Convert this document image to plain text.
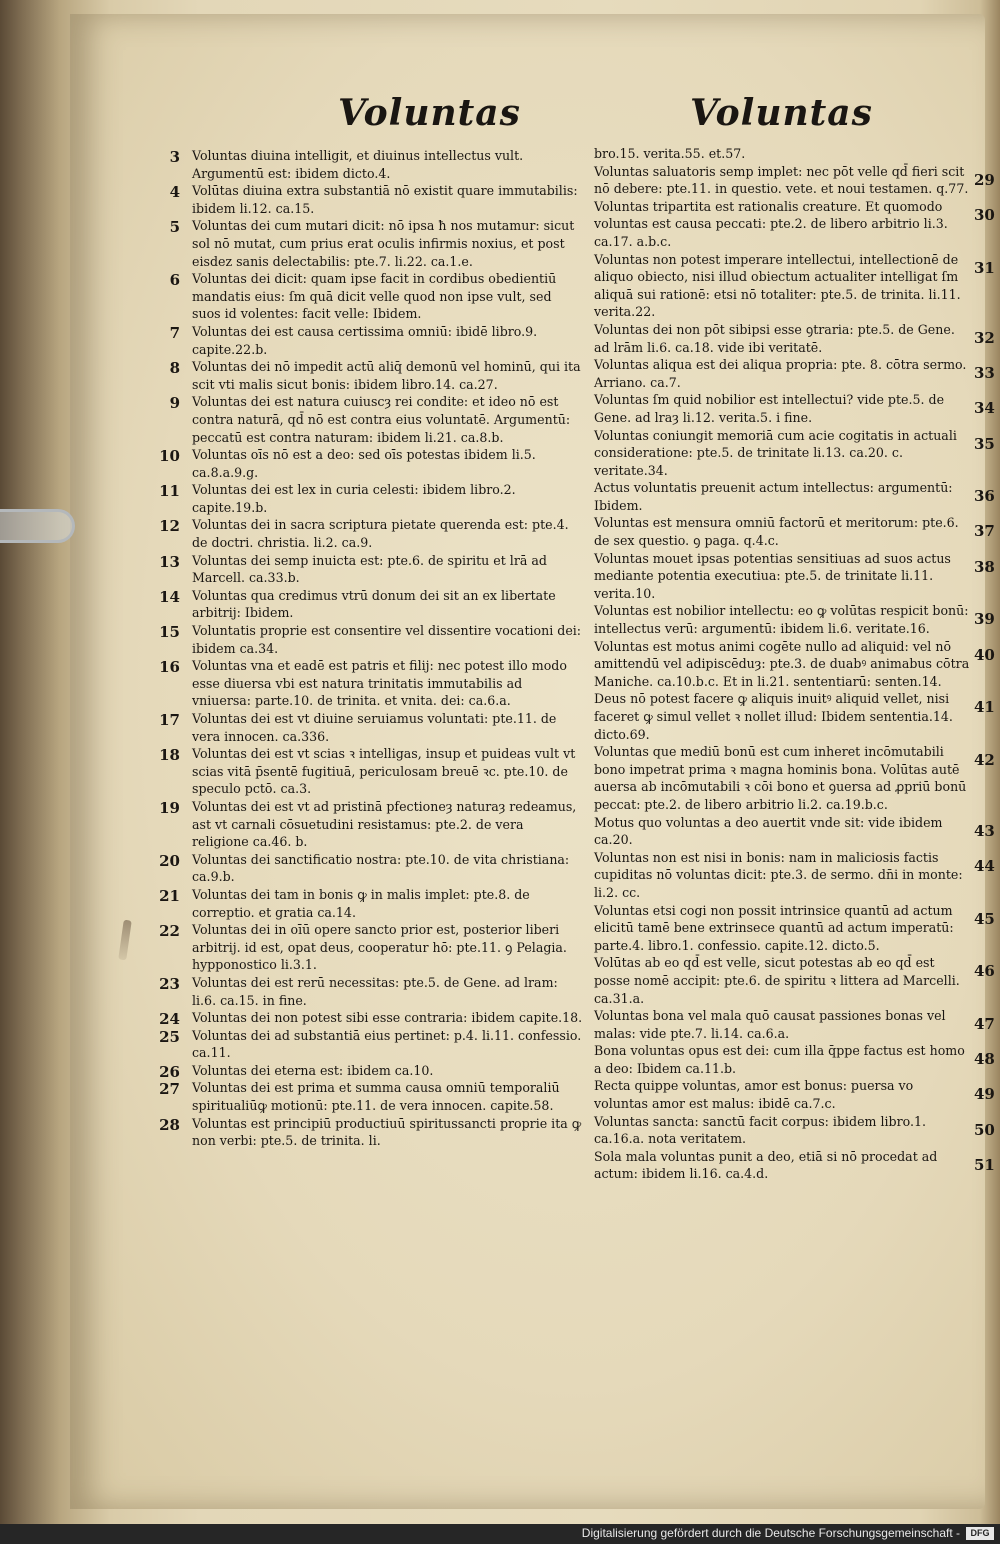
Voluntas	Voluntas
3 Voluntas diuina intelligit, et diuinus intellectus vult. Argumentū est: ibidem dicto.4.
4 Volūtas diuina extra substantiā nō existit quare immutabilis: ibidem li.12. ca.15.
5 Voluntas dei cum mutari dicit: nō ipsa ħ nos mutamur: sicut sol nō mutat, cum prius erat oculis infirmis noxius, et post eisdez sanis delectabilis: pte.7. li.22. ca.1.e.
6 Voluntas dei dicit: quam ipse facit in cordibus obedientiū mandatis eius: ſm quā dicit velle quod non ipse vult, sed suos id volentes: facit velle: Ibidem.
7 Voluntas dei est causa certissima omniū: ibidē libro.9. capite.22.b.
8 Voluntas dei nō impedit actū aliq̄ demonū vel hominū, qui ita scit vti malis sicut bonis: ibidem libro.14. ca.27.
9 Voluntas dei est natura cuiuscȝ rei condite: et ideo nō est contra naturā, qd̄ nō est contra eius voluntatē. Argumentū: peccatū est contra naturam: ibidem li.21. ca.8.b.
10 Voluntas oīs nō est a deo: sed oīs potestas ibidem li.5. ca.8.a.9.g.
11 Voluntas dei est lex in curia celesti: ibidem libro.2. capite.19.b.
12 Voluntas dei in sacra scriptura pietate querenda est: pte.4. de doctri. christia. li.2. ca.9.
13 Voluntas dei semp inuicta est: pte.6. de spiritu et lrā ad Marcell. ca.33.b.
14 Voluntas qua credimus vtrū donum dei sit an ex libertate arbitrij: Ibidem.
15 Voluntatis proprie est consentire vel dissentire vocationi dei: ibidem ca.34.
16 Voluntas vna et eadē est patris et filij: nec potest illo modo esse diuersa vbi est natura trinitatis immutabilis ad vniuersa: parte.10. de trinita. et vnita. dei: ca.6.a.
17 Voluntas dei est vt diuine seruiamus voluntati: pte.11. de vera innocen. ca.336.
18 Voluntas dei est vt scias ꝛ intelligas, insup et puideas vult vt scias vitā p̄sentē fugitiuā, periculosam breuē ꝛc. pte.10. de speculo pctō. ca.3.
19 Voluntas dei est vt ad pristinā pfectioneȝ naturaȝ redeamus, ast vt carnali cōsuetudini resistamus: pte.2. de vera religione ca.46. b.
20 Voluntas dei sanctificatio nostra: pte.10. de vita christiana: ca.9.b.
21 Voluntas dei tam in bonis ꝙ in malis implet: pte.8. de correptio. et gratia ca.14.
22 Voluntas dei in oīū opere sancto prior est, posterior liberi arbitrij. id est, opat deus, cooperatur hō: pte.11. ꝯ Pelagia. hypponostico li.3.1.
23 Voluntas dei est rerū necessitas: pte.5. de Gene. ad lram: li.6. ca.15. in fine.
24 Voluntas dei non potest sibi esse contraria: ibidem capite.18.
25 Voluntas dei ad substantiā eius pertinet: p.4. li.11. confessio. ca.11.
26 Voluntas dei eterna est: ibidem ca.10.
27 Voluntas dei est prima et summa causa omniū temporaliū spiritualiūꝙ motionū: pte.11. de vera innocen. capite.58.
28 Voluntas est principiū productiuū spiritussancti proprie ita ꝙ non verbi: pte.5. de trinita. li.
bro.15. verita.55. et.57.
29
Voluntas saluatoris semp implet: nec pōt velle qd̄ fieri scit nō debere: pte.11. in questio. vete. et noui testamen. q.77.
30
Voluntas tripartita est rationalis creature. Et quomodo voluntas est causa peccati: pte.2. de libero arbitrio li.3. ca.17. a.b.c.
31
Voluntas non potest imperare intellectui, intellectionē de aliquo obiecto, nisi illud obiectum actualiter intelligat ſm aliquā sui rationē: etsi nō totaliter: pte.5. de trinita. li.11. verita.22.
32
Voluntas dei non pōt sibipsi esse ꝯtraria: pte.5. de Gene. ad lrām li.6. ca.18. vide ibi veritatē.
33
Voluntas aliqua est dei aliqua propria: pte. 8. cōtra sermo. Arriano. ca.7.
34
Voluntas ſm quid nobilior est intellectui? vide pte.5. de Gene. ad lraȝ li.12. verita.5. i fine.
35
Voluntas coniungit memoriā cum acie cogitatis in actuali consideratione: pte.5. de trinitate li.13. ca.20. c. veritate.34.
36
Actus voluntatis preuenit actum intellectus: argumentū: Ibidem.
37
Voluntas est mensura omniū factorū et meritorum: pte.6. de sex questio. ꝯ paga. q.4.c.
38
Voluntas mouet ipsas potentias sensitiuas ad suos actus mediante potentia executiua: pte.5. de trinitate li.11. verita.10.
39
Voluntas est nobilior intellectu: eo ꝙ volūtas respicit bonū: intellectus verū: argumentū: ibidem li.6. veritate.16.
40
Voluntas est motus animi cogēte nullo ad aliquid: vel nō amittendū vel adipiscēduȝ: pte.3. de duabꝰ animabus cōtra Maniche. ca.10.b.c. Et in li.21. sententiarū: senten.14.
41
Deus nō potest facere ꝙ aliquis inuitꝰ aliquid vellet, nisi faceret ꝙ simul vellet ꝛ nollet illud: Ibidem sententia.14. dicto.69.
42
Voluntas que mediū bonū est cum inheret incōmutabili bono impetrat prima ꝛ magna hominis bona. Volūtas autē auersa ab incōmutabili ꝛ cōi bono et ꝯuersa ad ꝓpriū bonū peccat: pte.2. de libero arbitrio li.2. ca.19.b.c.
43
Motus quo voluntas a deo auertit vnde sit: vide ibidem ca.20.
44
Voluntas non est nisi in bonis: nam in maliciosis factis cupiditas nō voluntas dicit: pte.3. de sermo. dn̄i in monte: li.2. cc.
45
Voluntas etsi cogi non possit intrinsice quantū ad actum elicitū tamē bene extrinsece quantū ad actum imperatū: parte.4. libro.1. confessio. capite.12. dicto.5.
46
Volūtas ab eo qd̄ est velle, sicut potestas ab eo qd̄ est posse nomē accipit: pte.6. de spiritu ꝛ littera ad Marcelli. ca.31.a.
47
Voluntas bona vel mala quō causat passiones bonas vel malas: vide pte.7. li.14. ca.6.a.
48
Bona voluntas opus est dei: cum illa q̄ppe factus est homo a deo: Ibidem ca.11.b.
49
Recta quippe voluntas, amor est bonus: puersa vo voluntas amor est malus: ibidē ca.7.c.
50
Voluntas sancta: sanctū facit corpus: ibidem libro.1. ca.16.a. nota veritatem.
51
Sola mala voluntas punit a deo, etiā si nō procedat ad actum: ibidem li.16. ca.4.d.
Digitalisierung gefördert durch die Deutsche Forschungsgemeinschaft -	DFG
